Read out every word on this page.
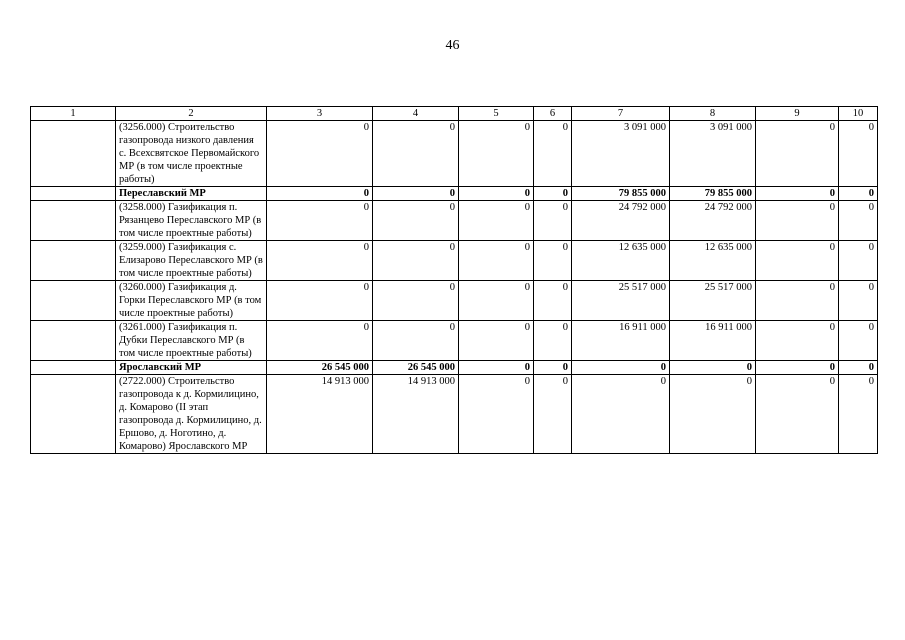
46
1	2	3	4	5	6	7	8	9	10
	(3256.000) Строительство газопровода низкого давления с. Всехсвятское Первомайского МР (в том числе проектные работы)	0	0	0	0	3 091 000	3 091 000	0	0
	Переславский МР	0	0	0	0	79 855 000	79 855 000	0	0
	(3258.000) Газификация п. Рязанцево Переславского МР (в том числе проектные работы)	0	0	0	0	24 792 000	24 792 000	0	0
	(3259.000) Газификация с. Елизарово Переславского МР (в том числе проектные работы)	0	0	0	0	12 635 000	12 635 000	0	0
	(3260.000) Газификация д. Горки Переславского МР (в том числе проектные работы)	0	0	0	0	25 517 000	25 517 000	0	0
	(3261.000) Газификация п. Дубки Переславского МР (в том числе проектные работы)	0	0	0	0	16 911 000	16 911 000	0	0
	Ярославский МР	26 545 000	26 545 000	0	0	0	0	0	0
	(2722.000) Строительство газопровода к д. Кормилицино, д. Комарово (II этап газопровода д. Кормилицино, д. Ершово, д. Ноготино, д. Комарово) Ярославского МР	14 913 000	14 913 000	0	0	0	0	0	0
